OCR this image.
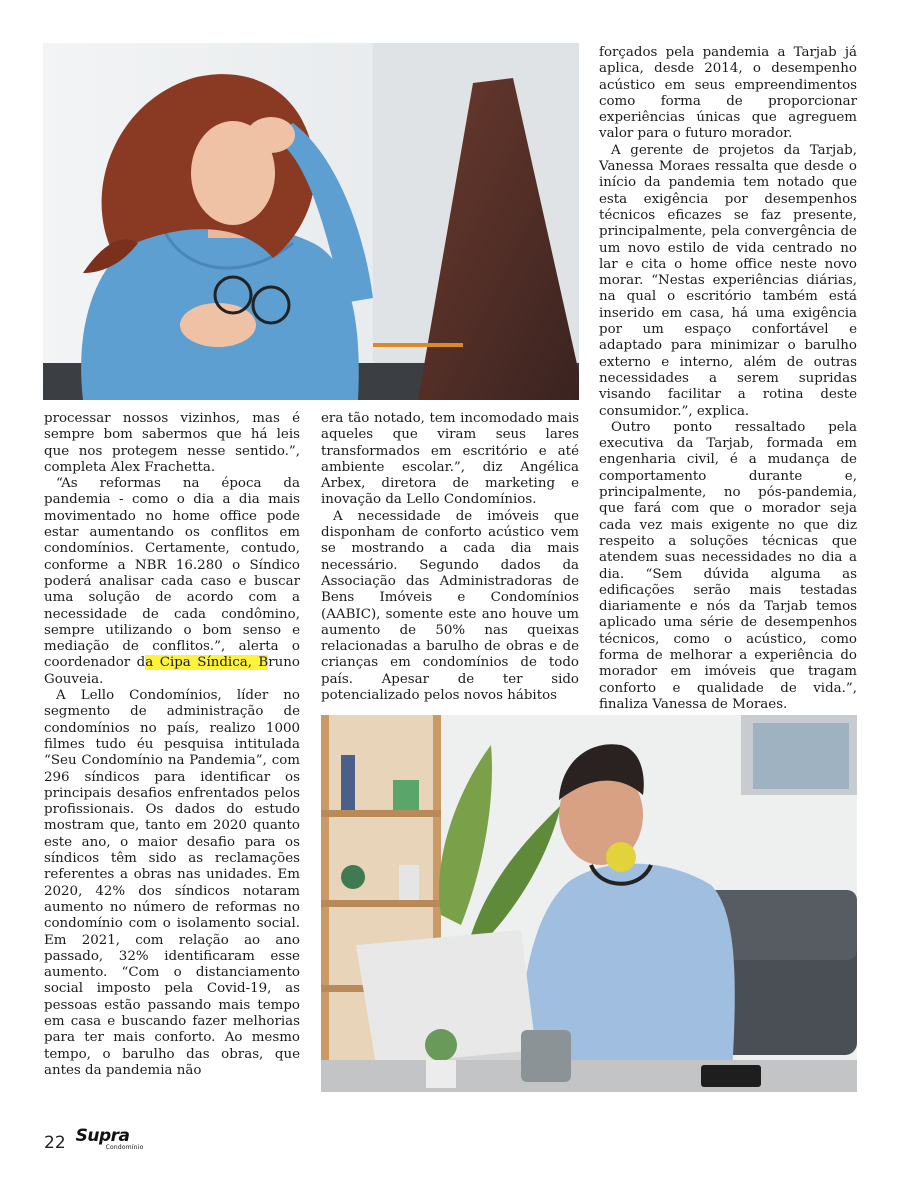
processar nossos vizinhos, mas é sempre bom sabermos que há leis que nos protegem nesse sentido.”, completa Alex Frachetta.

“As reformas na época da pandemia - como o dia a dia mais movimentado no home office pode estar aumentando os conflitos em condomínios. Certamente, contudo, conforme a NBR 16.280 o Síndico poderá analisar cada caso e buscar uma solução de acordo com a necessidade de cada condômino, sempre utilizando o bom senso e mediação de conflitos.”, alerta o coordenador da Cipa Síndica, Bruno Gouveia.

A Lello Condomínios, líder no segmento de administração de condomínios no país, realizo 1000 filmes tudo éu pesquisa intitulada “Seu Condomínio na Pandemia”, com 296 síndicos para identificar os principais desafios enfrentados pelos profissionais. Os dados do estudo mostram que, tanto em 2020 quanto este ano, o maior desafio para os síndicos têm sido as reclamações referentes a obras nas unidades. Em 2020, 42% dos síndicos notaram aumento no número de reformas no condomínio com o isolamento social. Em 2021, com relação ao ano passado, 32% identificaram esse aumento. “Com o distanciamento social imposto pela Covid-19, as pessoas estão passando mais tempo em casa e buscando fazer melhorias para ter mais conforto. Ao mesmo tempo, o barulho das obras, que antes da pandemia não

era tão notado, tem incomodado mais aqueles que viram seus lares transformados em escritório e até ambiente escolar.”, diz Angélica Arbex, diretora de marketing e inovação da Lello Condomínios.

A necessidade de imóveis que disponham de conforto acústico vem se mostrando a cada dia mais necessário. Segundo dados da Associação das Administradoras de Bens Imóveis e Condomínios (AABIC), somente este ano houve um aumento de 50% nas queixas relacionadas a barulho de obras e de crianças em condomínios de todo país. Apesar de ter sido potencializado pelos novos hábitos

forçados pela pandemia a Tarjab já aplica, desde 2014, o desempenho acústico em seus empreendimentos como forma de proporcionar experiências únicas que agreguem valor para o futuro morador.

A gerente de projetos da Tarjab, Vanessa Moraes ressalta que desde o início da pandemia tem notado que esta exigência por desempenhos técnicos eficazes se faz presente, principalmente, pela convergência de um novo estilo de vida centrado no lar e cita o home office neste novo morar. “Nestas experiências diárias, na qual o escritório também está inserido em casa, há uma exigência por um espaço confortável e adaptado para minimizar o barulho externo e interno, além de outras necessidades a serem supridas visando facilitar a rotina deste consumidor.”, explica.

Outro ponto ressaltado pela executiva da Tarjab, formada em engenharia civil, é a mudança de comportamento durante e, principalmente, no pós-pandemia, que fará com que o morador seja cada vez mais exigente no que diz respeito a soluções técnicas que atendem suas necessidades no dia a dia. “Sem dúvida alguma as edificações serão mais testadas diariamente e nós da Tarjab temos aplicado uma série de desempenhos técnicos, como o acústico, como forma de melhorar a experiência do morador em imóveis que tragam conforto e qualidade de vida.”, finaliza Vanessa de Moraes.

22 Supra
Condomínio
